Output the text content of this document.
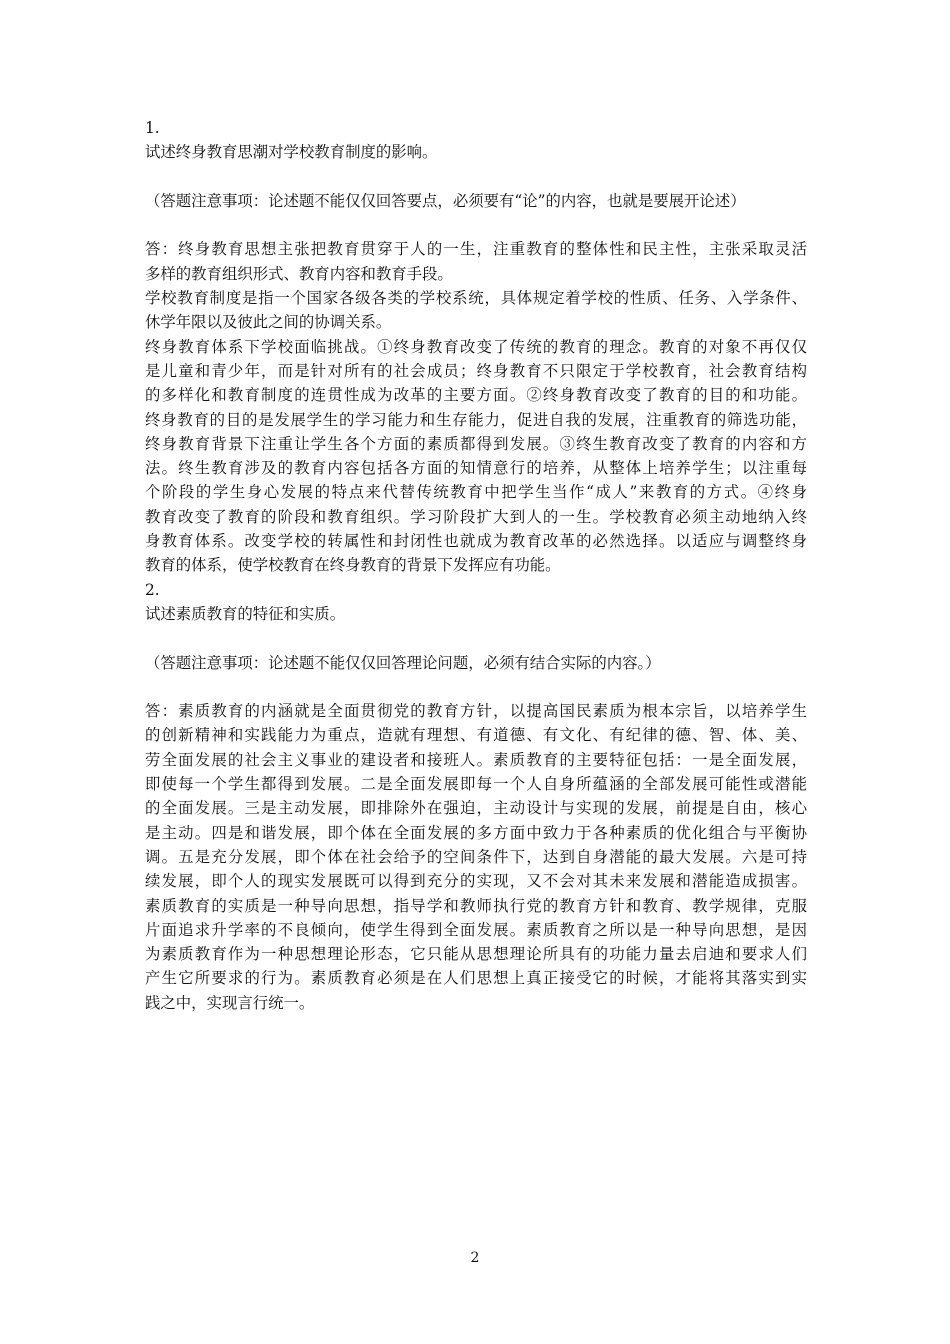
1.
试述终身教育思潮对学校教育制度的影响。
（答题注意事项：论述题不能仅仅回答要点，必须要有“论”的内容，也就是要展开论述）
答：终身教育思想主张把教育贯穿于人的一生，注重教育的整体性和民主性，主张采取灵活
多样的教育组织形式、教育内容和教育手段。
学校教育制度是指一个国家各级各类的学校系统，具体规定着学校的性质、任务、入学条件、
休学年限以及彼此之间的协调关系。
终身教育体系下学校面临挑战。①终身教育改变了传统的教育的理念。教育的对象不再仅仅
是儿童和青少年，而是针对所有的社会成员；终身教育不只限定于学校教育，社会教育结构
的多样化和教育制度的连贯性成为改革的主要方面。②终身教育改变了教育的目的和功能。
终身教育的目的是发展学生的学习能力和生存能力，促进自我的发展，注重教育的筛选功能，
终身教育背景下注重让学生各个方面的素质都得到发展。③终生教育改变了教育的内容和方
法。终生教育涉及的教育内容包括各方面的知情意行的培养，从整体上培养学生；以注重每
个阶段的学生身心发展的特点来代替传统教育中把学生当作“成人”来教育的方式。④终身
教育改变了教育的阶段和教育组织。学习阶段扩大到人的一生。学校教育必须主动地纳入终
身教育体系。改变学校的转属性和封闭性也就成为教育改革的必然选择。以适应与调整终身
教育的体系，使学校教育在终身教育的背景下发挥应有功能。
2.
试述素质教育的特征和实质。
（答题注意事项：论述题不能仅仅回答理论问题，必须有结合实际的内容。）
答：素质教育的内涵就是全面贯彻党的教育方针，以提高国民素质为根本宗旨，以培养学生
的创新精神和实践能力为重点，造就有理想、有道德、有文化、有纪律的德、智、体、美、
劳全面发展的社会主义事业的建设者和接班人。素质教育的主要特征包括：一是全面发展，
即使每一个学生都得到发展。二是全面发展即每一个人自身所蕴涵的全部发展可能性或潜能
的全面发展。三是主动发展，即排除外在强迫，主动设计与实现的发展，前提是自由，核心
是主动。四是和谐发展，即个体在全面发展的多方面中致力于各种素质的优化组合与平衡协
调。五是充分发展，即个体在社会给予的空间条件下，达到自身潜能的最大发展。六是可持
续发展，即个人的现实发展既可以得到充分的实现，又不会对其未来发展和潜能造成损害。
素质教育的实质是一种导向思想，指导学和教师执行党的教育方针和教育、教学规律，克服
片面追求升学率的不良倾向，使学生得到全面发展。素质教育之所以是一种导向思想，是因
为素质教育作为一种思想理论形态，它只能从思想理论所具有的功能力量去启迪和要求人们
产生它所要求的行为。素质教育必须是在人们思想上真正接受它的时候，才能将其落实到实
践之中，实现言行统一。
2
